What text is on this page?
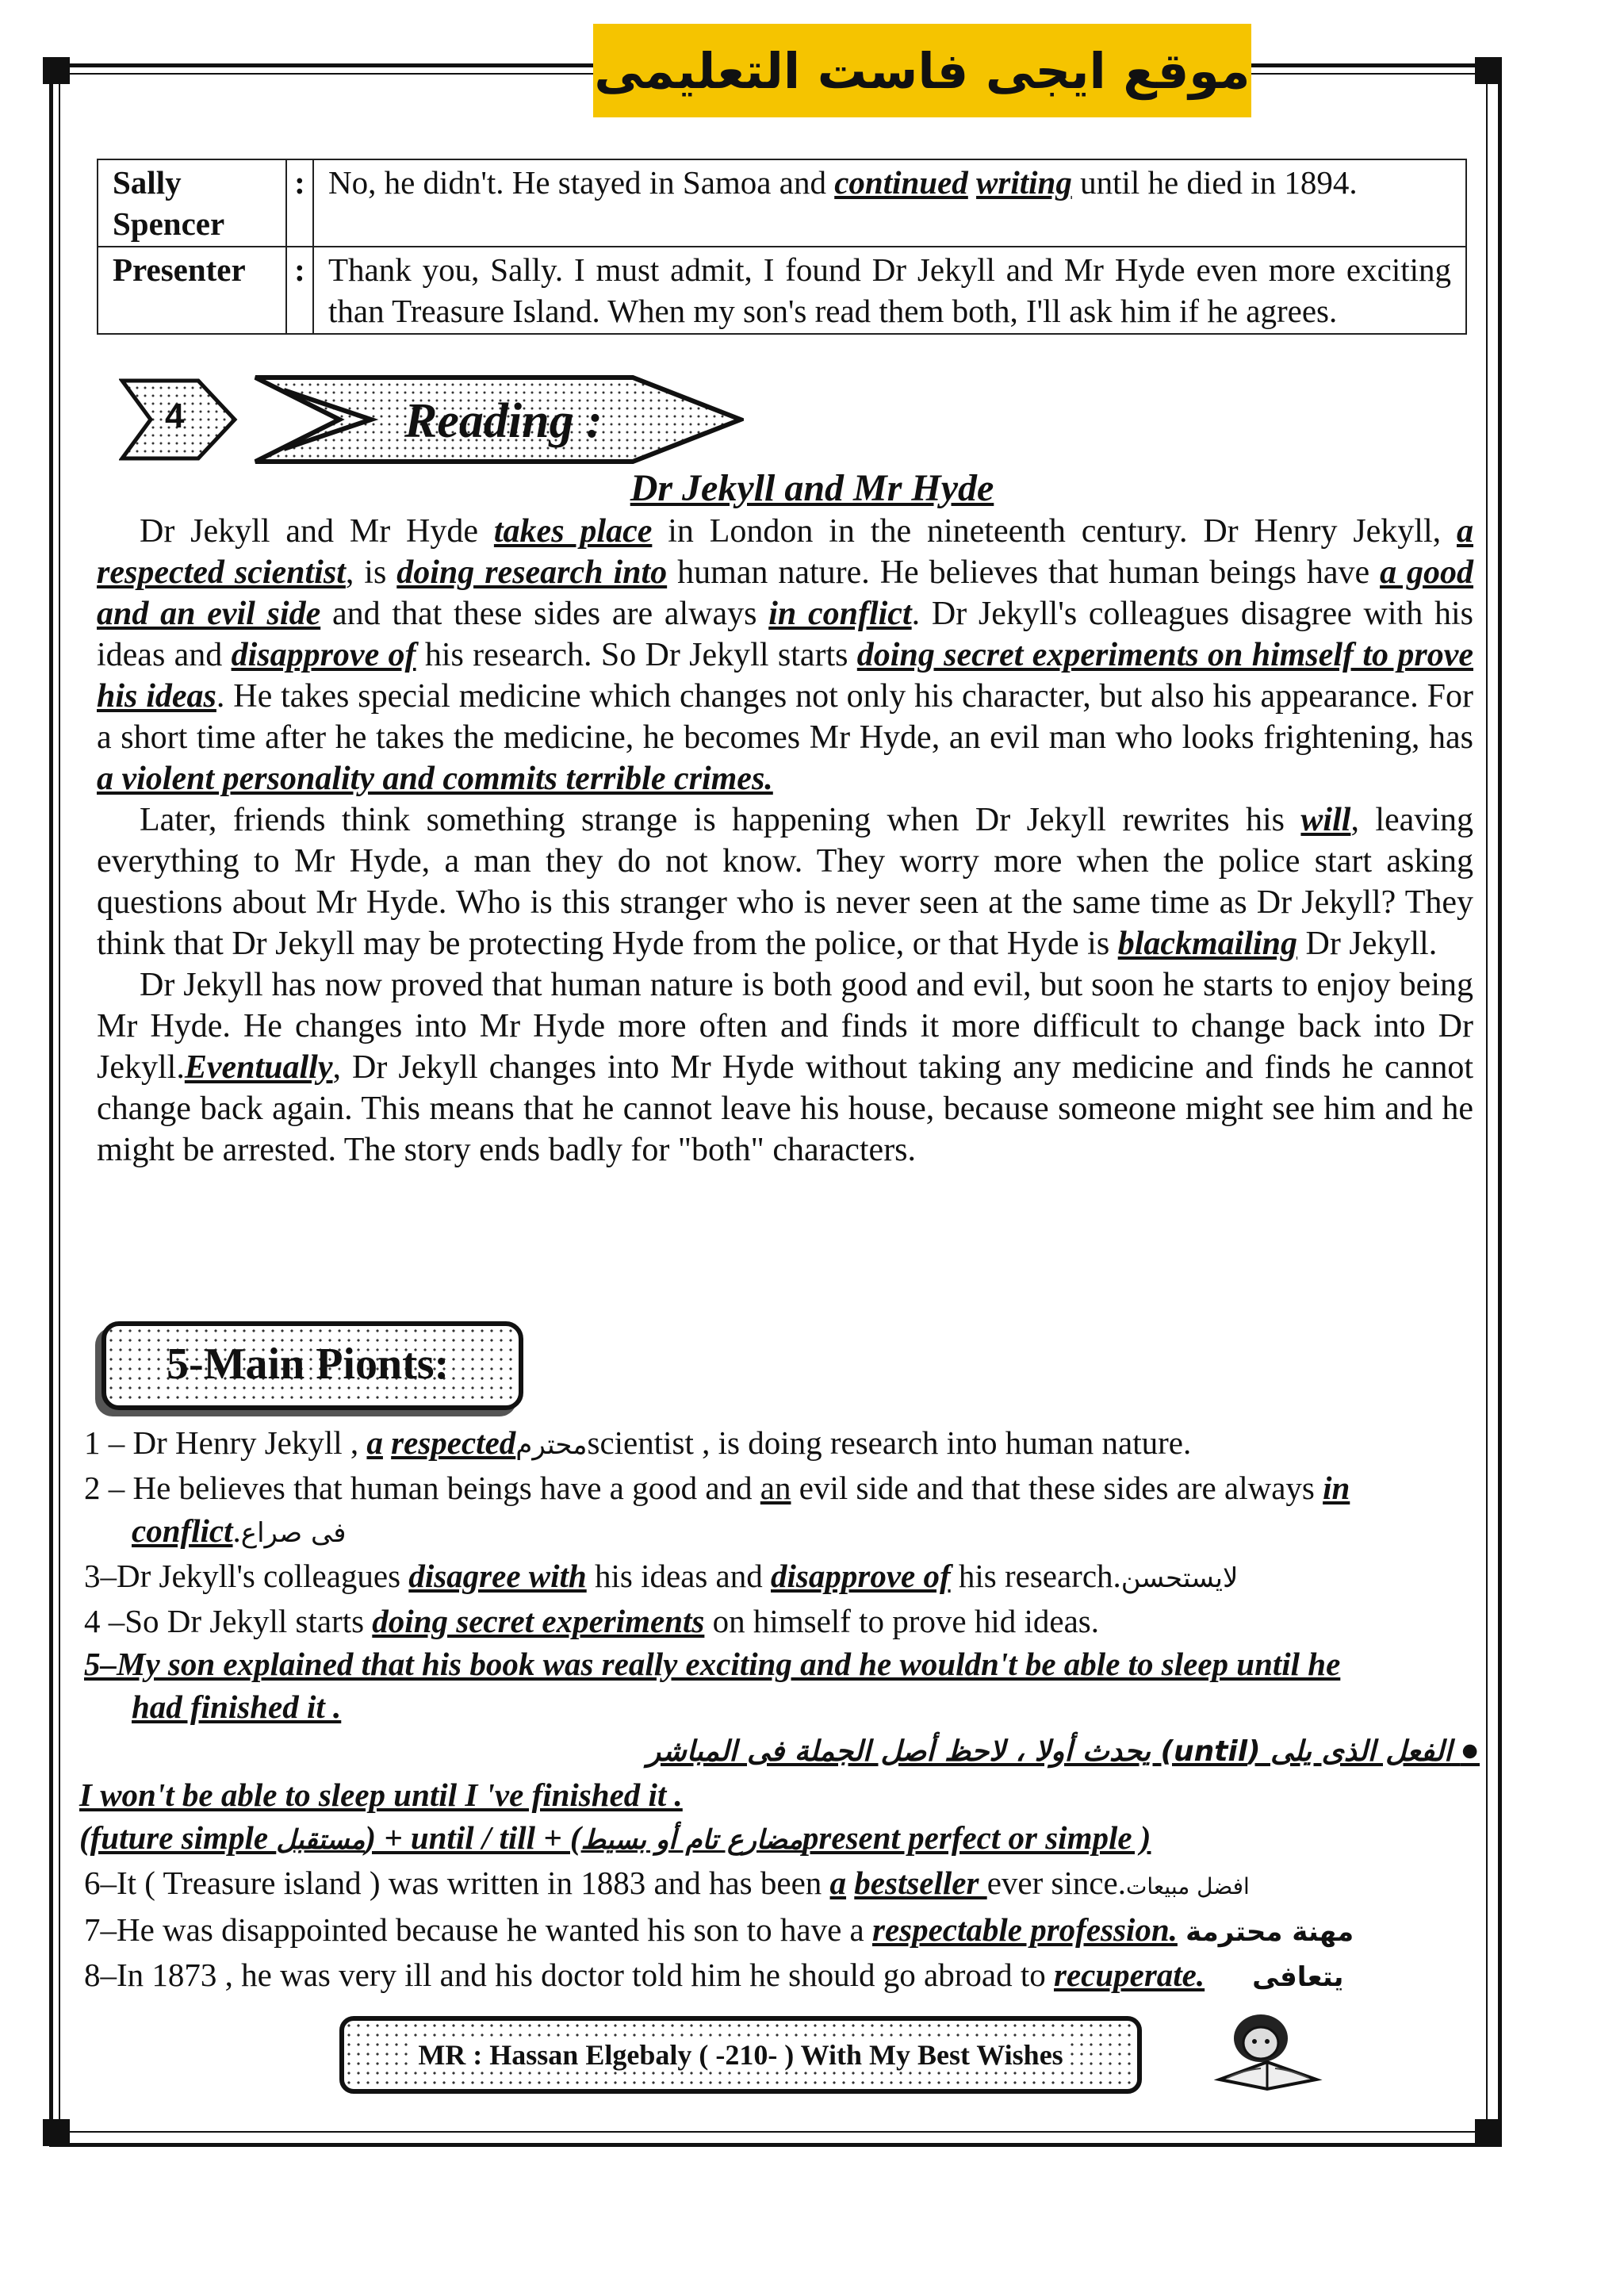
موقع ايجى فاست التعليمى
Sally Spencer	:	No, he didn't. He stayed in Samoa and continued writing until he died in 1894.
Presenter	:	Thank you, Sally. I must admit, I found Dr Jekyll and Mr Hyde even more exciting than Treasure Island. When my son's read them both, I'll ask him if he agrees.
4	Reading :
Dr Jekyll and Mr Hyde

Dr Jekyll and Mr Hyde takes place in London in the nineteenth century. Dr Henry Jekyll, a respected scientist, is doing research into human nature. He believes that human beings have a good and an evil side and that these sides are always in conflict. Dr Jekyll's colleagues disagree with his ideas and disapprove of his research. So Dr Jekyll starts doing secret experiments on himself to prove his ideas. He takes special medicine which changes not only his character, but also his appearance. For a short time after he takes the medicine, he becomes Mr Hyde, an evil man who looks frightening, has a violent personality and commits terrible crimes.

Later, friends think something strange is happening when Dr Jekyll rewrites his will, leaving everything to Mr Hyde, a man they do not know. They worry more when the police start asking questions about Mr Hyde. Who is this stranger who is never seen at the same time as Dr Jekyll? They think that Dr Jekyll may be protecting Hyde from the police, or that Hyde is blackmailing Dr Jekyll.

Dr Jekyll has now proved that human nature is both good and evil, but soon he starts to enjoy being Mr Hyde. He changes into Mr Hyde more often and finds it more difficult to change back into Dr Jekyll.Eventually, Dr Jekyll changes into Mr Hyde without taking any medicine and finds he cannot change back again. This means that he cannot leave his house, because someone might see him and he might be arrested. The story ends badly for "both" characters.

5-Main Pionts:

1 – Dr Henry Jekyll , a respectedمحترمscientist , is doing research into human nature.

2 – He believes that human beings have a good and an evil side and that these sides are always in conflict.فى صراع

3–Dr Jekyll's colleagues disagree with his ideas and disapprove of his research.لايستحسن

4 –So Dr Jekyll starts doing secret experiments on himself to prove hid ideas.

5–My son explained that his book was really exciting and he wouldn't be able to sleep until he had finished it .

الفعل الذى يلى (until) يحدث أولا ، لاحظ أصل الجملة فى المباشر ●

I won't be able to sleep until I 've finished it .

(future simple مستقبل) + until / till + (مضارع تام أو بسيطpresent perfect or simple )

6–It ( Treasure island ) was written in 1883 and has been a bestseller ever since.افضل مبيعات

7–He was disappointed because he wanted his son to have a respectable profession. مهنة محترمة

8–In 1873 , he was very ill and his doctor told him he should go abroad to recuperate. يتعافى

MR : Hassan Elgebaly ( -210- ) With My Best Wishes
